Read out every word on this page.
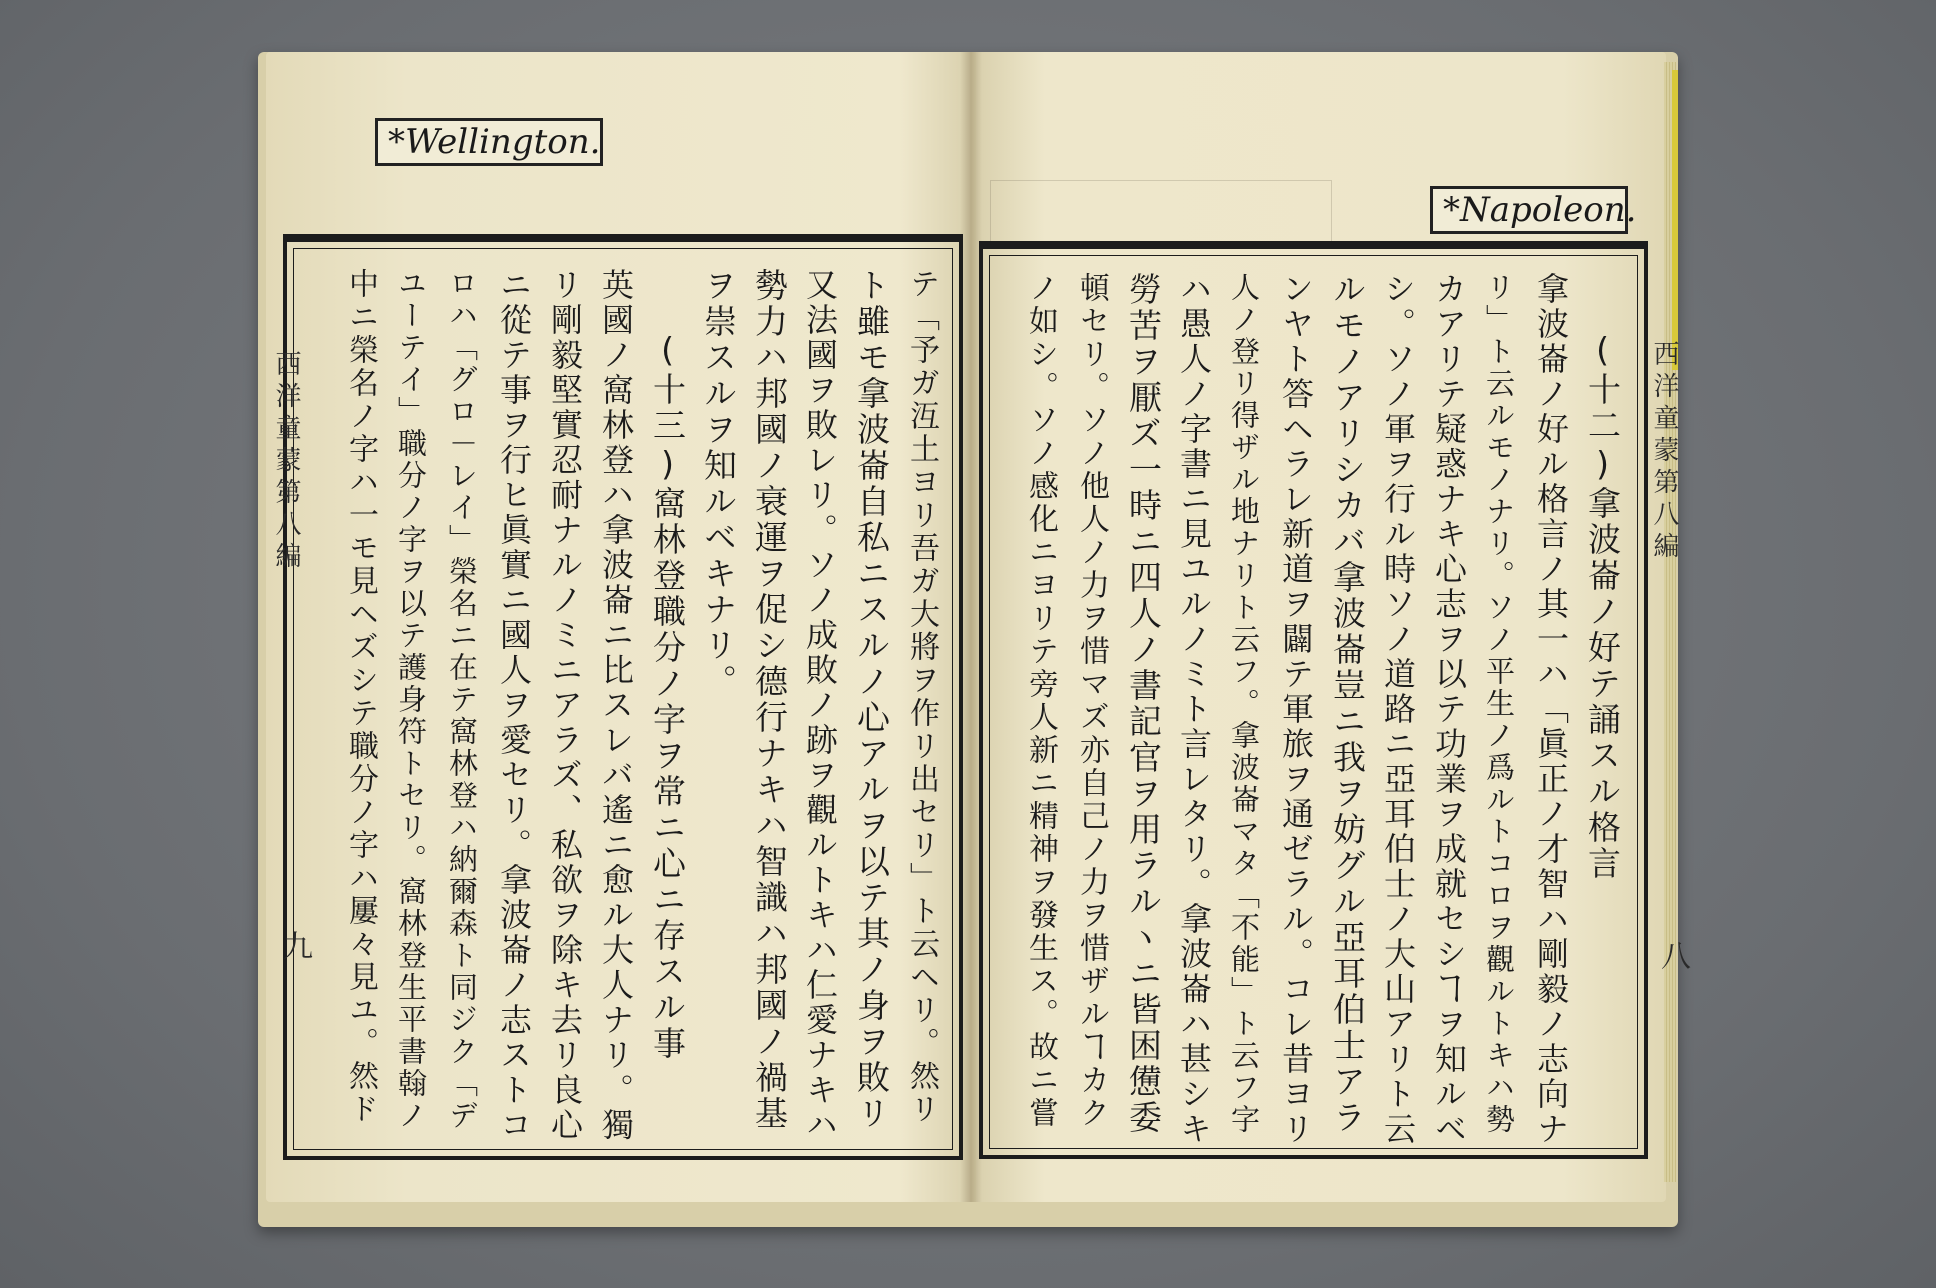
*Wellington.
*Napoleon.
西洋童蒙第八編
九
西洋童蒙第八編
八
テ「予ガ沍土ヨリ吾ガ大將ヲ作リ出セリ」ト云ヘリ。然リ
ト雖モ拿波崙自私ニスルノ心アルヲ以テ其ノ身ヲ敗リ
又法國ヲ敗レリ。ソノ成敗ノ跡ヲ觀ルトキハ仁愛ナキハ
勢力ハ邦國ノ衰運ヲ促シ德行ナキハ智識ハ邦國ノ禍基
ヲ崇スルヲ知ルベキナリ。
(十三)窩林登職分ノ字ヲ常ニ心ニ存スル事
英國ノ窩林登ハ拿波崙ニ比スレバ遙ニ愈ル大人ナリ。獨
リ剛毅堅實忍耐ナルノミニアラズ、私欲ヲ除キ去リ良心
ニ從テ事ヲ行ヒ眞實ニ國人ヲ愛セリ。拿波崙ノ志ストコ
ロハ「グロ－レイ」榮名ニ在テ窩林登ハ納爾森ト同ジク「デ
ユーテイ」職分ノ字ヲ以テ護身符トセリ。窩林登生平書翰ノ
中ニ榮名ノ字ハ一モ見ヘズシテ職分ノ字ハ屢々見ユ。然ド	(十二)拿波崙ノ好テ誦スル格言
拿波崙ノ好ル格言ノ其一ハ「眞正ノ才智ハ剛毅ノ志向ナ
リ」ト云ルモノナリ。ソノ平生ノ爲ルトコロヲ觀ルトキハ勢
カアリテ疑惑ナキ心志ヲ以テ功業ヲ成就セシヿヲ知ルベ
シ。ソノ軍ヲ行ル時ソノ道路ニ亞耳伯士ノ大山アリト云
ルモノアリシカバ拿波崙豈ニ我ヲ妨グル亞耳伯士アラ
ンヤト答ヘラレ新道ヲ闢テ軍旅ヲ通ゼラル。コレ昔ヨリ
人ノ登リ得ザル地ナリト云フ。拿波崙マタ「不能」ト云フ字
ハ愚人ノ字書ニ見ユルノミト言レタリ。拿波崙ハ甚シキ
勞苦ヲ厭ズ一時ニ四人ノ書記官ヲ用ラルヽニ皆困憊委
頓セリ。ソノ他人ノ力ヲ惜マズ亦自己ノ力ヲ惜ザルヿカク
ノ如シ。ソノ感化ニヨリテ旁人新ニ精神ヲ發生ス。故ニ嘗
